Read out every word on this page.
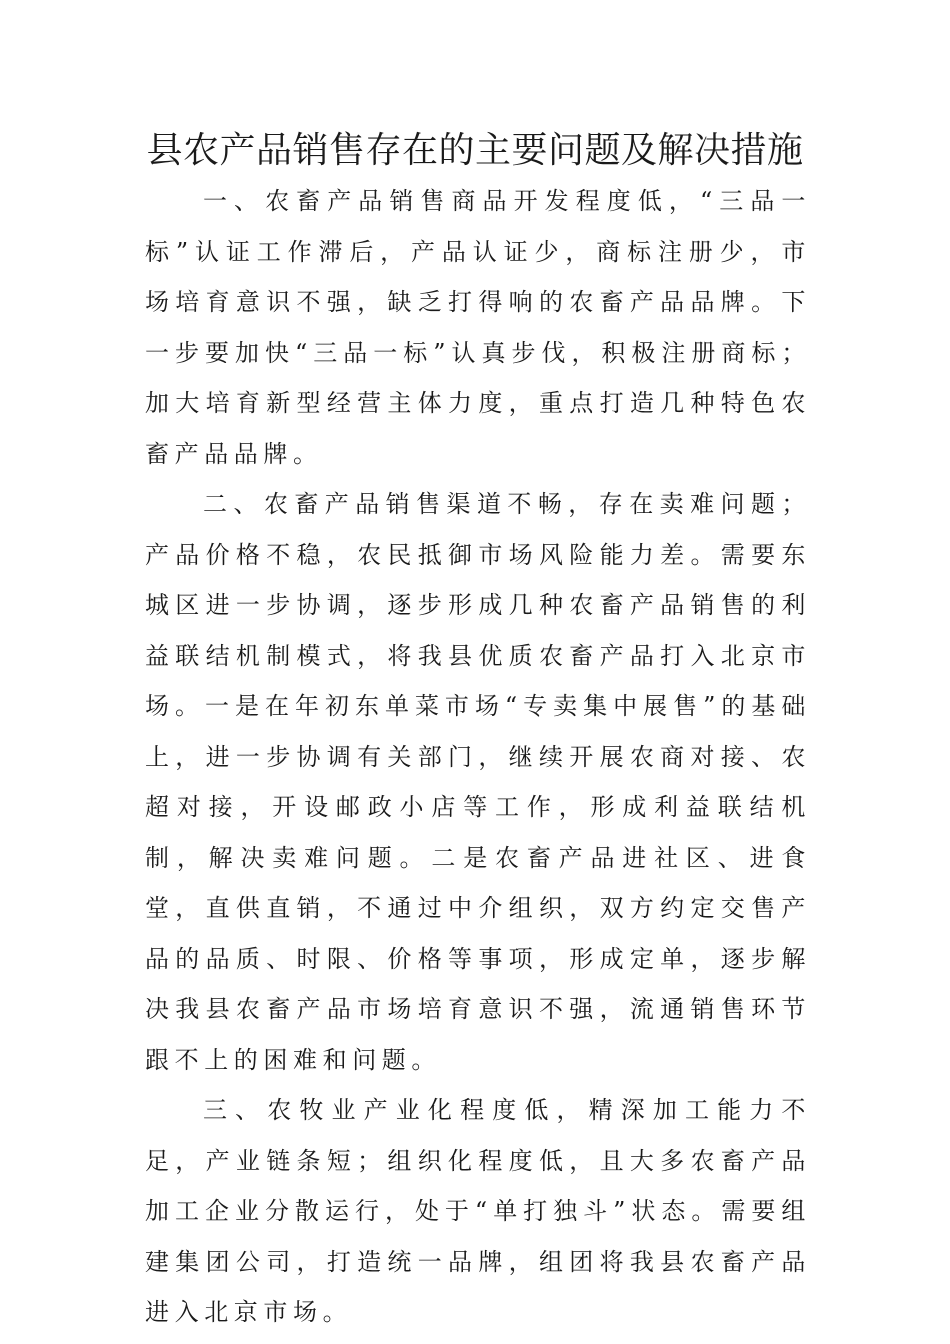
县农产品销售存在的主要问题及解决措施

一、农畜产品销售商品开发程度低，“三品一标”认证工作滞后，产品认证少，商标注册少，市场培育意识不强，缺乏打得响的农畜产品品牌。下一步要加快“三品一标”认真步伐，积极注册商标；加大培育新型经营主体力度，重点打造几种特色农畜产品品牌。

二、农畜产品销售渠道不畅，存在卖难问题；产品价格不稳，农民抵御市场风险能力差。需要东城区进一步协调，逐步形成几种农畜产品销售的利益联结机制模式，将我县优质农畜产品打入北京市场。一是在年初东单菜市场“专卖集中展售”的基础上，进一步协调有关部门，继续开展农商对接、农超对接，开设邮政小店等工作，形成利益联结机制，解决卖难问题。二是农畜产品进社区、进食堂，直供直销，不通过中介组织，双方约定交售产品的品质、时限、价格等事项，形成定单，逐步解决我县农畜产品市场培育意识不强，流通销售环节跟不上的困难和问题。

三、农牧业产业化程度低，精深加工能力不足，产业链条短；组织化程度低，且大多农畜产品加工企业分散运行，处于“单打独斗”状态。需要组建集团公司，打造统一品牌，组团将我县农畜产品进入北京市场。
